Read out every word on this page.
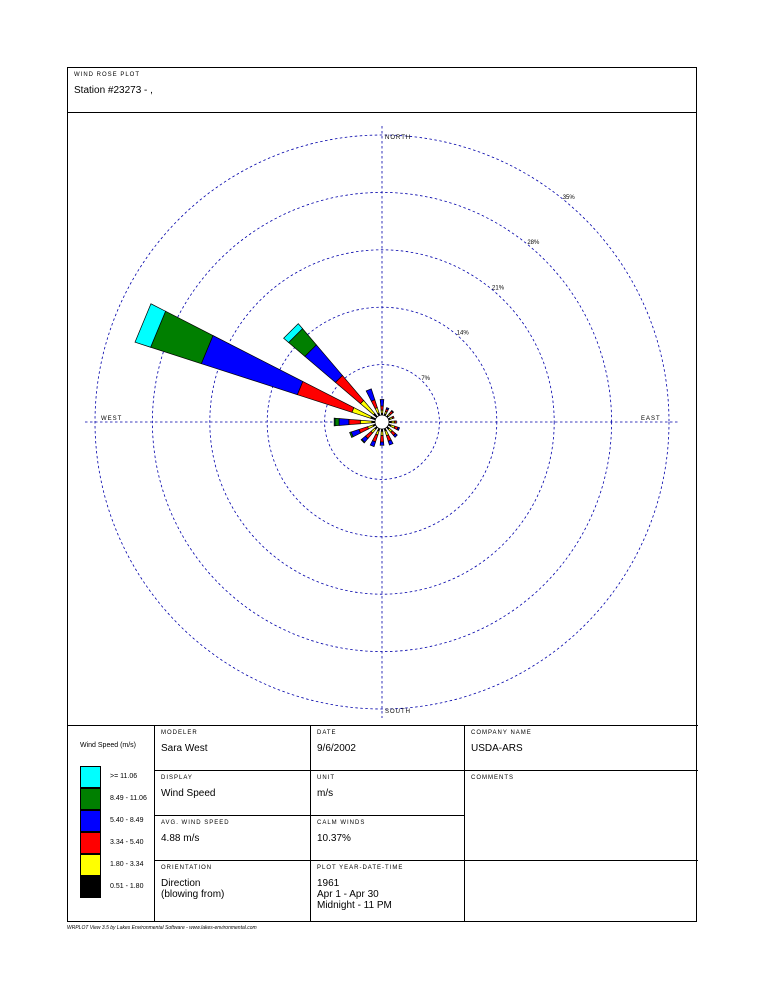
WIND ROSE PLOT
Station #23273 - ,
NORTH
SOUTH
EAST
WEST
7%
14%
21%
28%
35%
Wind Speed (m/s)
>= 11.06
8.49 - 11.06
5.40 - 8.49
3.34 - 5.40
1.80 - 3.34
0.51 - 1.80
MODELER
Sara West
DATE
9/6/2002
COMPANY NAME
USDA-ARS
DISPLAY
Wind Speed
UNIT
m/s
COMMENTS
AVG. WIND SPEED
4.88 m/s
CALM WINDS
10.37%
ORIENTATION
Direction
(blowing from)
PLOT YEAR-DATE-TIME
1961
Apr 1 - Apr 30
Midnight - 11 PM
WRPLOT View 3.5 by Lakes Environmental Software - www.lakes-environmental.com
